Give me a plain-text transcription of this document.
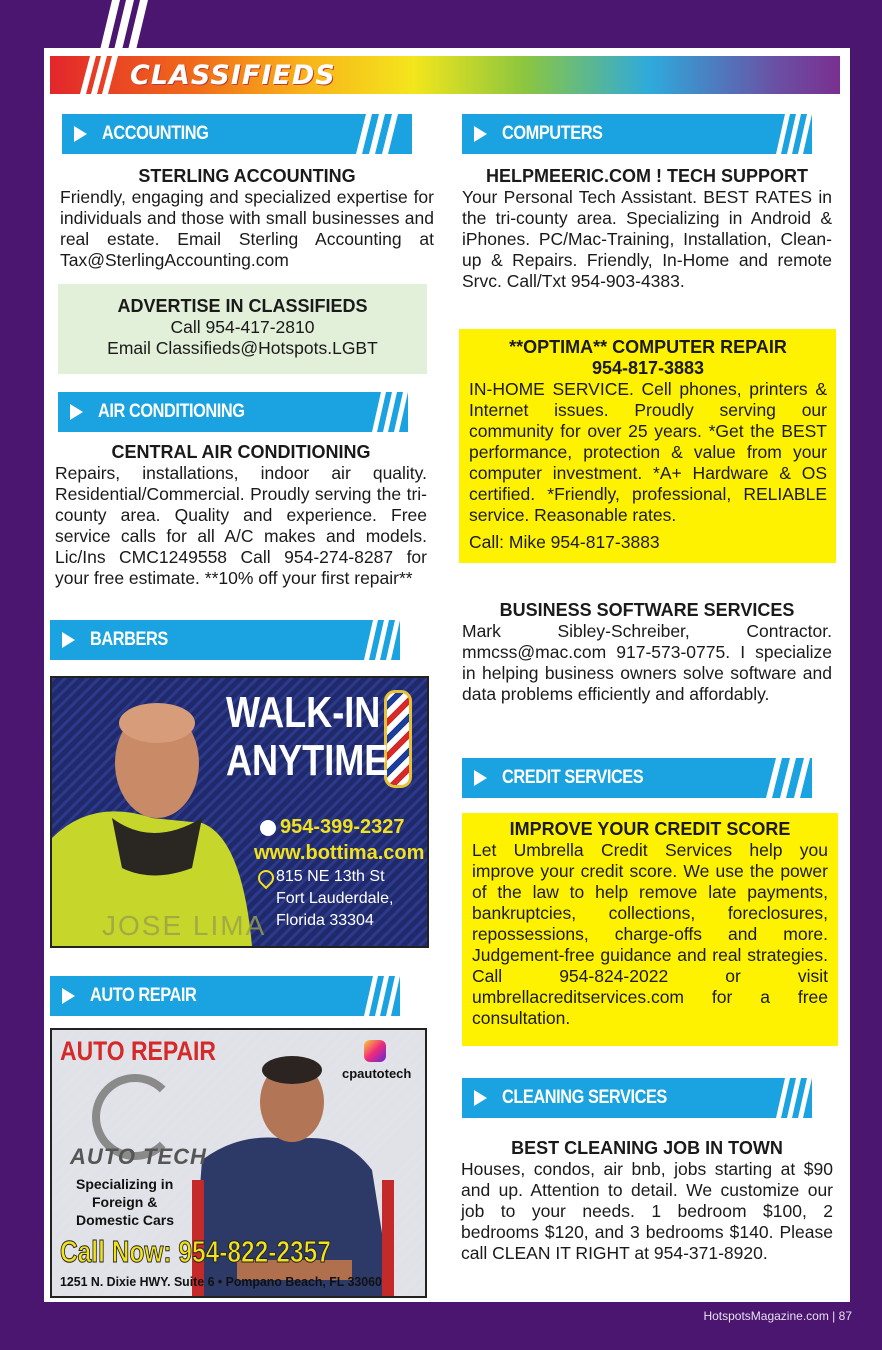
CLASSIFIEDS
ACCOUNTING
STERLING ACCOUNTING
Friendly, engaging and specialized expertise for individuals and those with small businesses and real estate. Email Sterling Accounting at Tax@SterlingAccounting.com
ADVERTISE IN CLASSIFIEDS
Call 954-417-2810
Email Classifieds@Hotspots.LGBT
AIR CONDITIONING
CENTRAL AIR CONDITIONING
Repairs, installations, indoor air quality. Residential/Commercial. Proudly serving the tri-county area. Quality and experience. Free service calls for all A/C makes and models. Lic/Ins CMC1249558 Call 954-274-8287 for your free estimate. **10% off your first repair**
BARBERS
WALK-IN
ANYTIME
954-399-2327
www.bottima.com
815 NE 13th St
Fort Lauderdale,
Florida 33304
JOSE LIMA
AUTO REPAIR
AUTO REPAIR
AUTO TECH
cpautotech
Specializing in
Foreign &
Domestic Cars
Call Now: 954-822-2357
1251 N. Dixie HWY. Suite 6 • Pompano Beach, FL 33060
COMPUTERS
HELPMEERIC.COM ! TECH SUPPORT
Your Personal Tech Assistant. BEST RATES in the tri-county area. Specializing in Android & iPhones. PC/Mac-Training, Installation, Clean-up & Repairs. Friendly, In-Home and remote Srvc. Call/Txt 954-903-4383.
**OPTIMA** COMPUTER REPAIR
954-817-3883
IN-HOME SERVICE. Cell phones, printers & Internet issues. Proudly serving our community for over 25 years. *Get the BEST performance, protection & value from your computer investment. *A+ Hardware & OS certified. *Friendly, professional, RELIABLE service. Reasonable rates.
Call: Mike 954-817-3883
BUSINESS SOFTWARE SERVICES
Mark Sibley-Schreiber, Contractor. mmcss@mac.com 917-573-0775. I specialize in helping business owners solve software and data problems efficiently and affordably.
CREDIT SERVICES
IMPROVE YOUR CREDIT SCORE
Let Umbrella Credit Services help you improve your credit score. We use the power of the law to help remove late payments, bankruptcies, collections, foreclosures, repossessions, charge-offs and more. Judgement-free guidance and real strategies. Call 954-824-2022 or visit umbrellacreditservices.com for a free consultation.
CLEANING SERVICES
BEST CLEANING JOB IN TOWN
Houses, condos, air bnb, jobs starting at $90 and up. Attention to detail. We customize our job to your needs. 1 bedroom $100, 2 bedrooms $120, and 3 bedrooms $140. Please call CLEAN IT RIGHT at 954-371-8920.
HotspotsMagazine.com | 87
